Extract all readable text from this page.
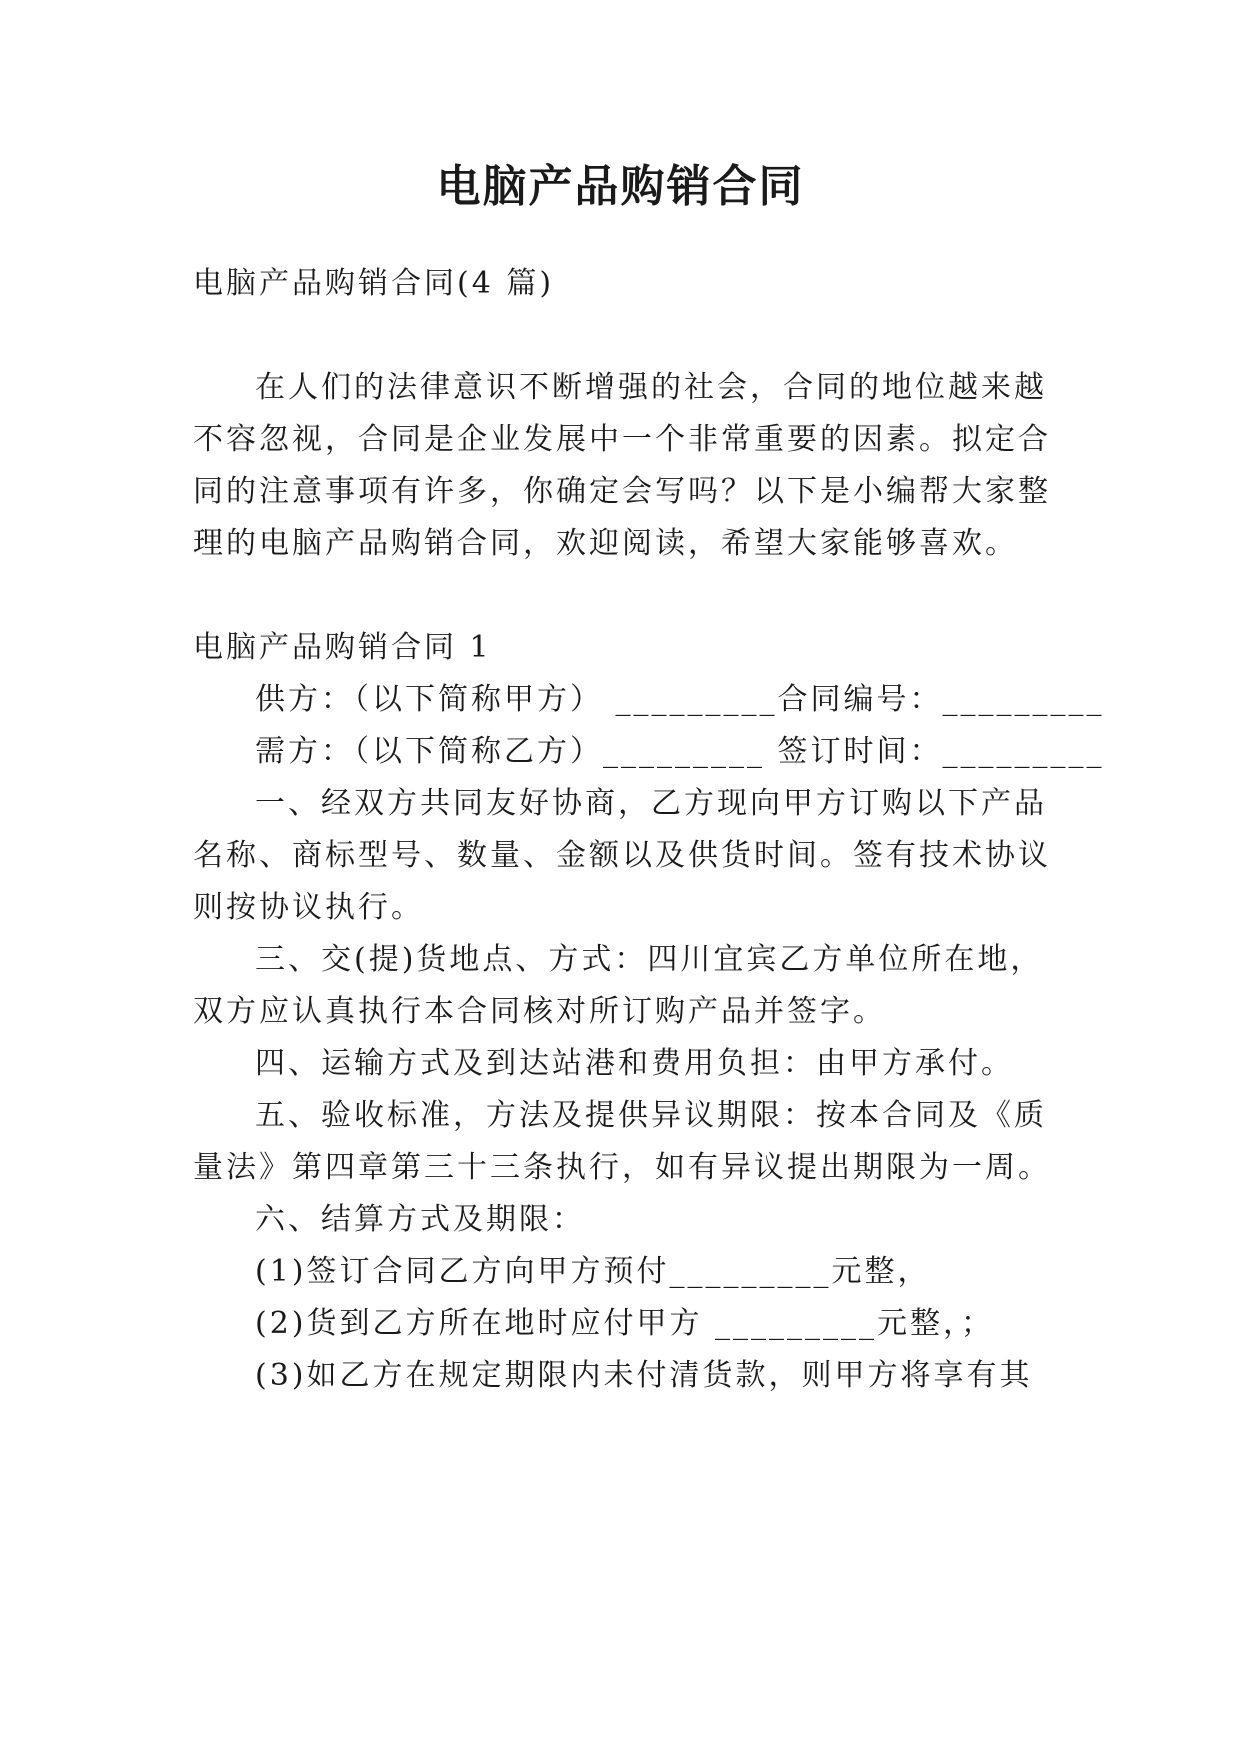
电脑产品购销合同
电脑产品购销合同(4 篇)
在人们的法律意识不断增强的社会，合同的地位越来越
不容忽视，合同是企业发展中一个非常重要的因素。拟定合
同的注意事项有许多，你确定会写吗？以下是小编帮大家整
理的电脑产品购销合同，欢迎阅读，希望大家能够喜欢。
电脑产品购销合同 1
供方：（以下简称甲方） _________合同编号：_________
需方：（以下简称乙方）_________ 签订时间：_________
一、经双方共同友好协商，乙方现向甲方订购以下产品
名称、商标型号、数量、金额以及供货时间。签有技术协议
则按协议执行。
三、交(提)货地点、方式：四川宜宾乙方单位所在地，
双方应认真执行本合同核对所订购产品并签字。
四、运输方式及到达站港和费用负担：由甲方承付。
五、验收标准，方法及提供异议期限：按本合同及《质
量法》第四章第三十三条执行，如有异议提出期限为一周。
六、结算方式及期限：
(1)签订合同乙方向甲方预付_________元整，
(2)货到乙方所在地时应付甲方 _________元整，；
(3)如乙方在规定期限内未付清货款，则甲方将享有其
